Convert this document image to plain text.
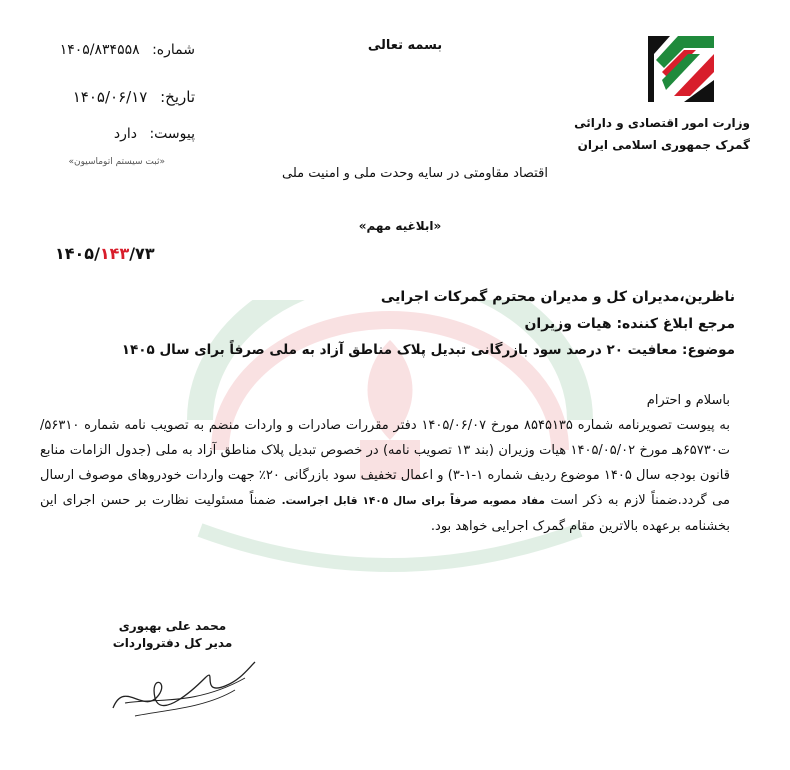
بسمه تعالی
شماره: ۱۴۰۵/۸۳۴۵۵۸
تاریخ: ۱۴۰۵/۰۶/۱۷
پیوست: دارد
«ثبت سیستم اتوماسیون»
وزارت امور اقتصادی و دارائی
گمرک جمهوری اسلامی ایران
اقتصاد مقاومتی در سایه وحدت ملی و امنیت ملی
«ابلاغیه مهم»
۱۴۰۵/۱۴۳/۷۳
ناظرین،مدیران کل و مدیران محترم گمرکات اجرایی
مرجع ابلاغ کننده: هیات وزیران
موضوع: معافیت ۲۰ درصد سود بازرگانی تبدیل پلاک مناطق آزاد به ملی صرفاً برای سال ۱۴۰۵

باسلام و احترام

به پیوست تصویرنامه شماره ۸۵۴۵۱۳۵ مورخ ۱۴۰۵/۰۶/۰۷ دفتر مقررات صادرات و واردات منضم به تصویب نامه شماره ۵۶۳۱۰/ت۶۵۷۳۰هـ مورخ ۱۴۰۵/۰۵/۰۲ هیات وزیران (بند ۱۳ تصویب نامه) در خصوص تبدیل پلاک مناطق آزاد به ملی (جدول الزامات منابع قانون بودجه سال ۱۴۰۵ موضوع ردیف شماره ۱-۱-۳) و اعمال تخفیف سود بازرگانی ۲۰٪ جهت واردات خودروهای موصوف ارسال می گردد.ضمناً لازم به ذکر است مفاد مصوبه صرفاً برای سال ۱۴۰۵ قابل اجراست. ضمناً مسئولیت نظارت بر حسن اجرای این بخشنامه برعهده بالاترین مقام گمرک اجرایی خواهد بود.

محمد علی بهبوری
مدیر کل دفترواردات
